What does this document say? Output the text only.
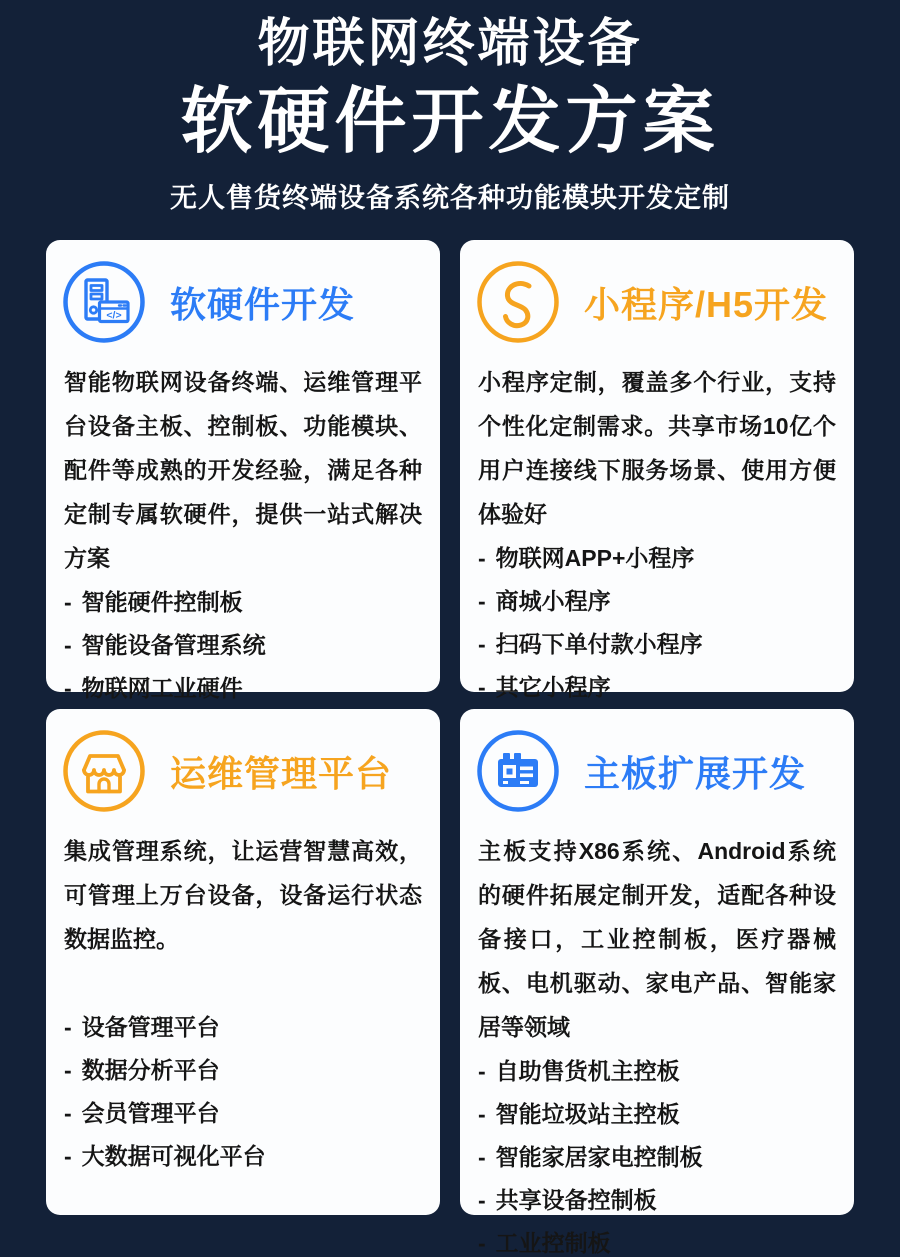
物联网终端设备
软硬件开发方案

无人售货终端设备系统各种功能模块开发定制

</> 软硬件开发

智能物联网设备终端、运维管理平台设备主板、控制板、功能模块、配件等成熟的开发经验，满足各种定制专属软硬件，提供一站式解决方案

- 智能硬件控制板
- 智能设备管理系统
- 物联网工业硬件
小程序/H5开发

小程序定制，覆盖多个行业，支持个性化定制需求。共享市场10亿个用户连接线下服务场景、使用方便体验好

- 物联网APP+小程序
- 商城小程序
- 扫码下单付款小程序
- 其它小程序
运维管理平台

集成管理系统，让运营智慧高效，可管理上万台设备，设备运行状态数据监控。

- 设备管理平台
- 数据分析平台
- 会员管理平台
- 大数据可视化平台
主板扩展开发

主板支持X86系统、Android系统的硬件拓展定制开发，适配各种设备接口，工业控制板，医疗器械板、电机驱动、家电产品、智能家居等领域

- 自助售货机主控板
- 智能垃圾站主控板
- 智能家居家电控制板
- 共享设备控制板
- 工业控制板
